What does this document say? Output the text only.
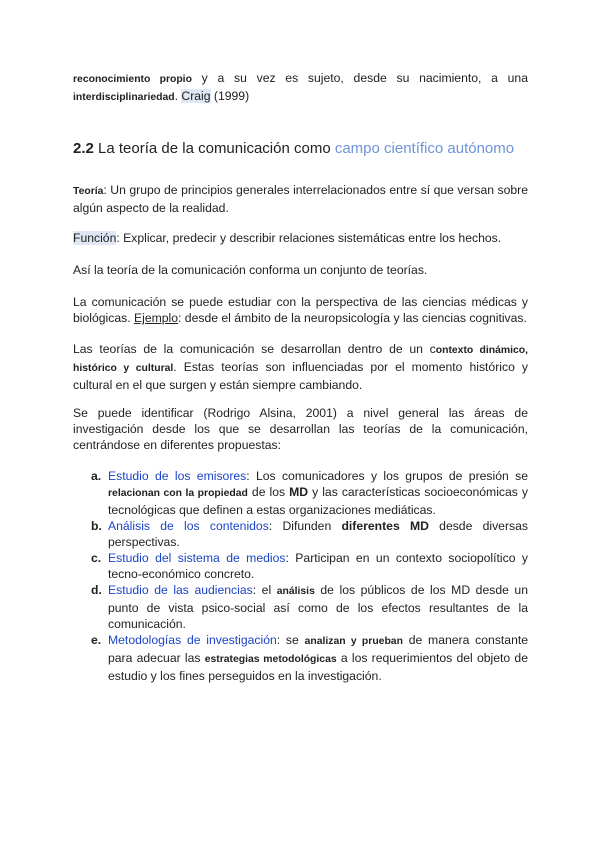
reconocimiento propio y a su vez es sujeto, desde su nacimiento, a una interdisciplinariedad. Craig (1999)

2.2 La teoría de la comunicación como campo científico autónomo

Teoría: Un grupo de principios generales interrelacionados entre sí que versan sobre algún aspecto de la realidad.

Función: Explicar, predecir y describir relaciones sistemáticas entre los hechos.

Así la teoría de la comunicación conforma un conjunto de teorías.

La comunicación se puede estudiar con la perspectiva de las ciencias médicas y biológicas. Ejemplo: desde el ámbito de la neuropsicología y las ciencias cognitivas.

Las teorías de la comunicación se desarrollan dentro de un contexto dinámico, histórico y cultural. Estas teorías son influenciadas por el momento histórico y cultural en el que surgen y están siempre cambiando.

Se puede identificar (Rodrigo Alsina, 2001) a nivel general las áreas de investigación desde los que se desarrollan las teorías de la comunicación, centrándose en diferentes propuestas:

a. Estudio de los emisores: Los comunicadores y los grupos de presión se relacionan con la propiedad de los MD y las características socioeconómicas y tecnológicas que definen a estas organizaciones mediáticas.
b. Análisis de los contenidos: Difunden diferentes MD desde diversas perspectivas.
c. Estudio del sistema de medios: Participan en un contexto sociopolítico y tecno-económico concreto.
d. Estudio de las audiencias: el análisis de los públicos de los MD desde un punto de vista psico-social así como de los efectos resultantes de la comunicación.
e. Metodologías de investigación: se analizan y prueban de manera constante para adecuar las estrategias metodológicas a los requerimientos del objeto de estudio y los fines perseguidos en la investigación.
